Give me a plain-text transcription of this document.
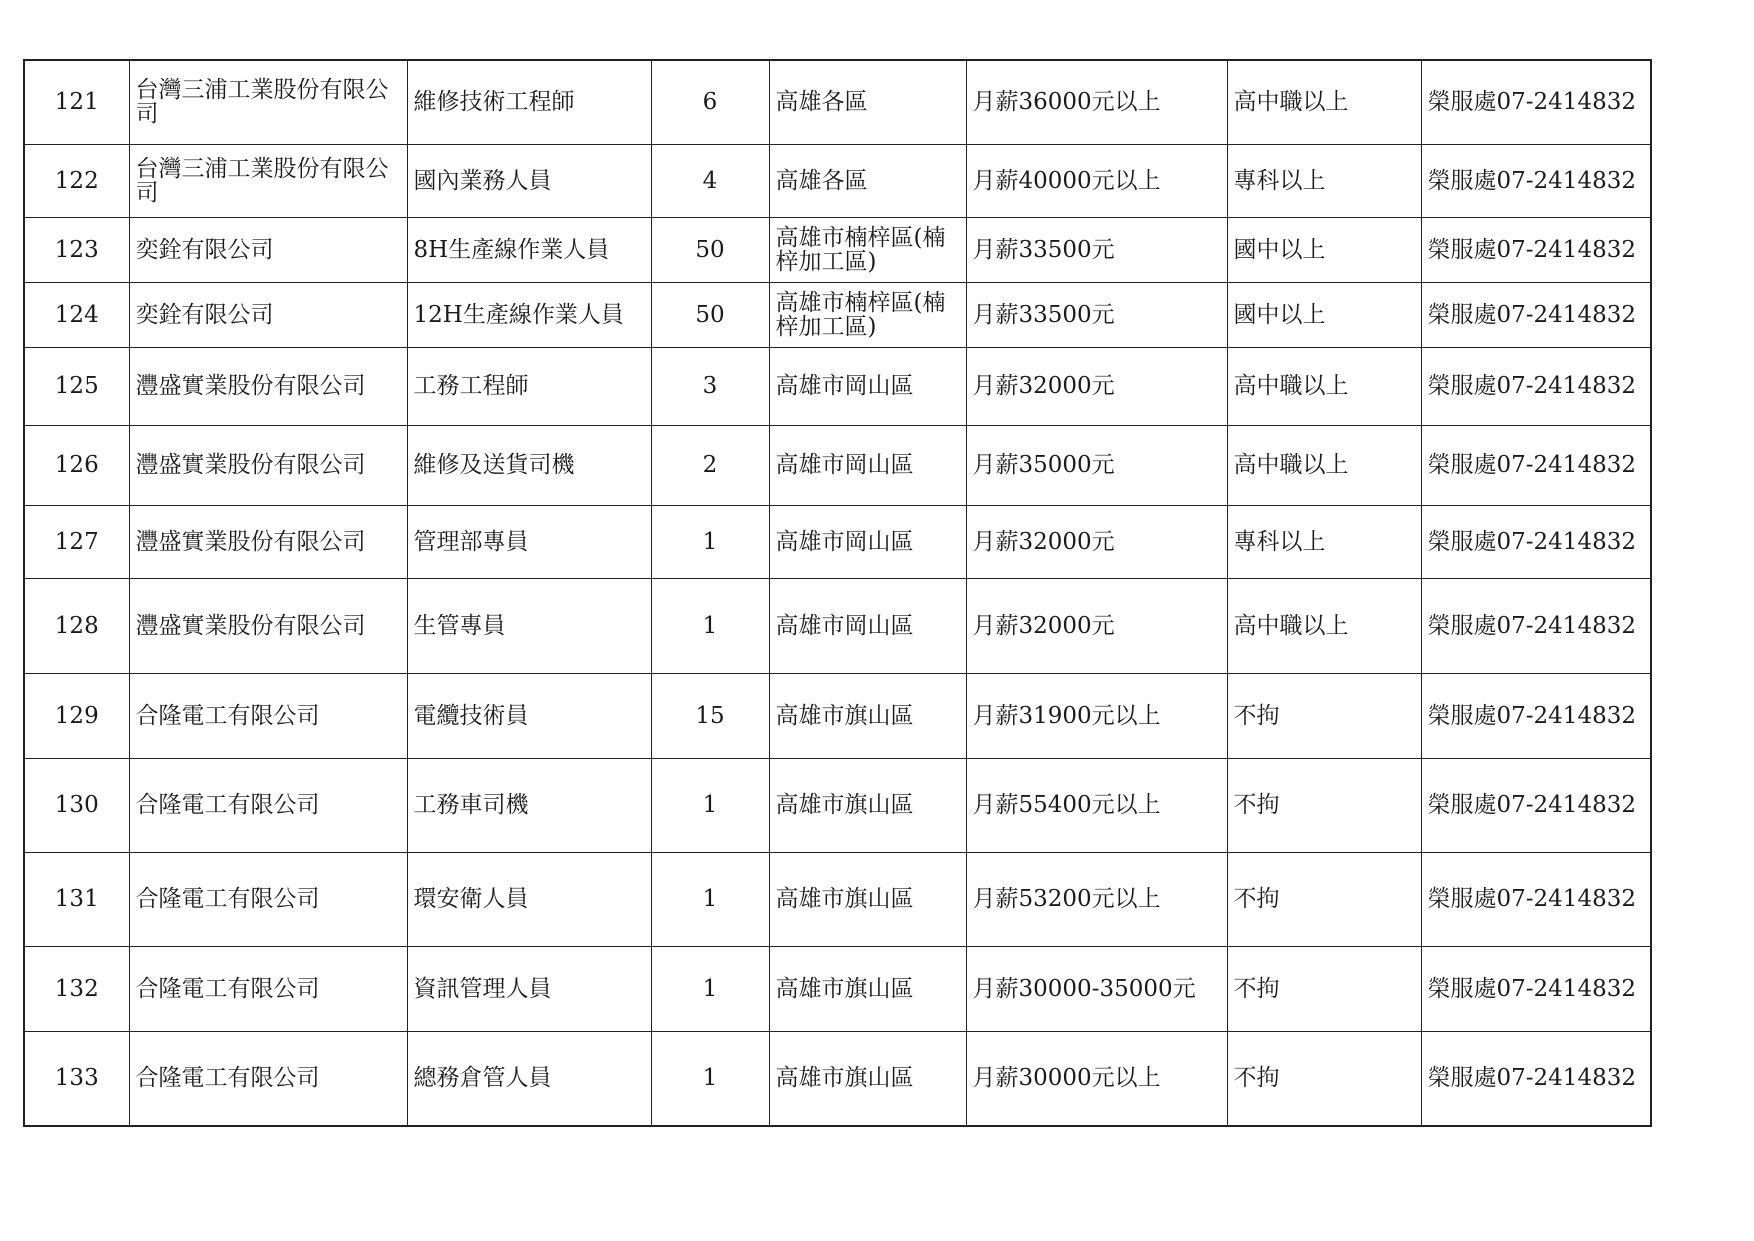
121	台灣三浦工業股份有限公司	維修技術工程師	6	高雄各區	月薪36000元以上	高中職以上	榮服處07-2414832
122	台灣三浦工業股份有限公司	國內業務人員	4	高雄各區	月薪40000元以上	專科以上	榮服處07-2414832
123	奕銓有限公司	8H生產線作業人員	50	高雄市楠梓區(楠梓加工區)	月薪33500元	國中以上	榮服處07-2414832
124	奕銓有限公司	12H生產線作業人員	50	高雄市楠梓區(楠梓加工區)	月薪33500元	國中以上	榮服處07-2414832
125	灃盛實業股份有限公司	工務工程師	3	高雄市岡山區	月薪32000元	高中職以上	榮服處07-2414832
126	灃盛實業股份有限公司	維修及送貨司機	2	高雄市岡山區	月薪35000元	高中職以上	榮服處07-2414832
127	灃盛實業股份有限公司	管理部專員	1	高雄市岡山區	月薪32000元	專科以上	榮服處07-2414832
128	灃盛實業股份有限公司	生管專員	1	高雄市岡山區	月薪32000元	高中職以上	榮服處07-2414832
129	合隆電工有限公司	電纜技術員	15	高雄市旗山區	月薪31900元以上	不拘	榮服處07-2414832
130	合隆電工有限公司	工務車司機	1	高雄市旗山區	月薪55400元以上	不拘	榮服處07-2414832
131	合隆電工有限公司	環安衛人員	1	高雄市旗山區	月薪53200元以上	不拘	榮服處07-2414832
132	合隆電工有限公司	資訊管理人員	1	高雄市旗山區	月薪30000-35000元	不拘	榮服處07-2414832
133	合隆電工有限公司	總務倉管人員	1	高雄市旗山區	月薪30000元以上	不拘	榮服處07-2414832
